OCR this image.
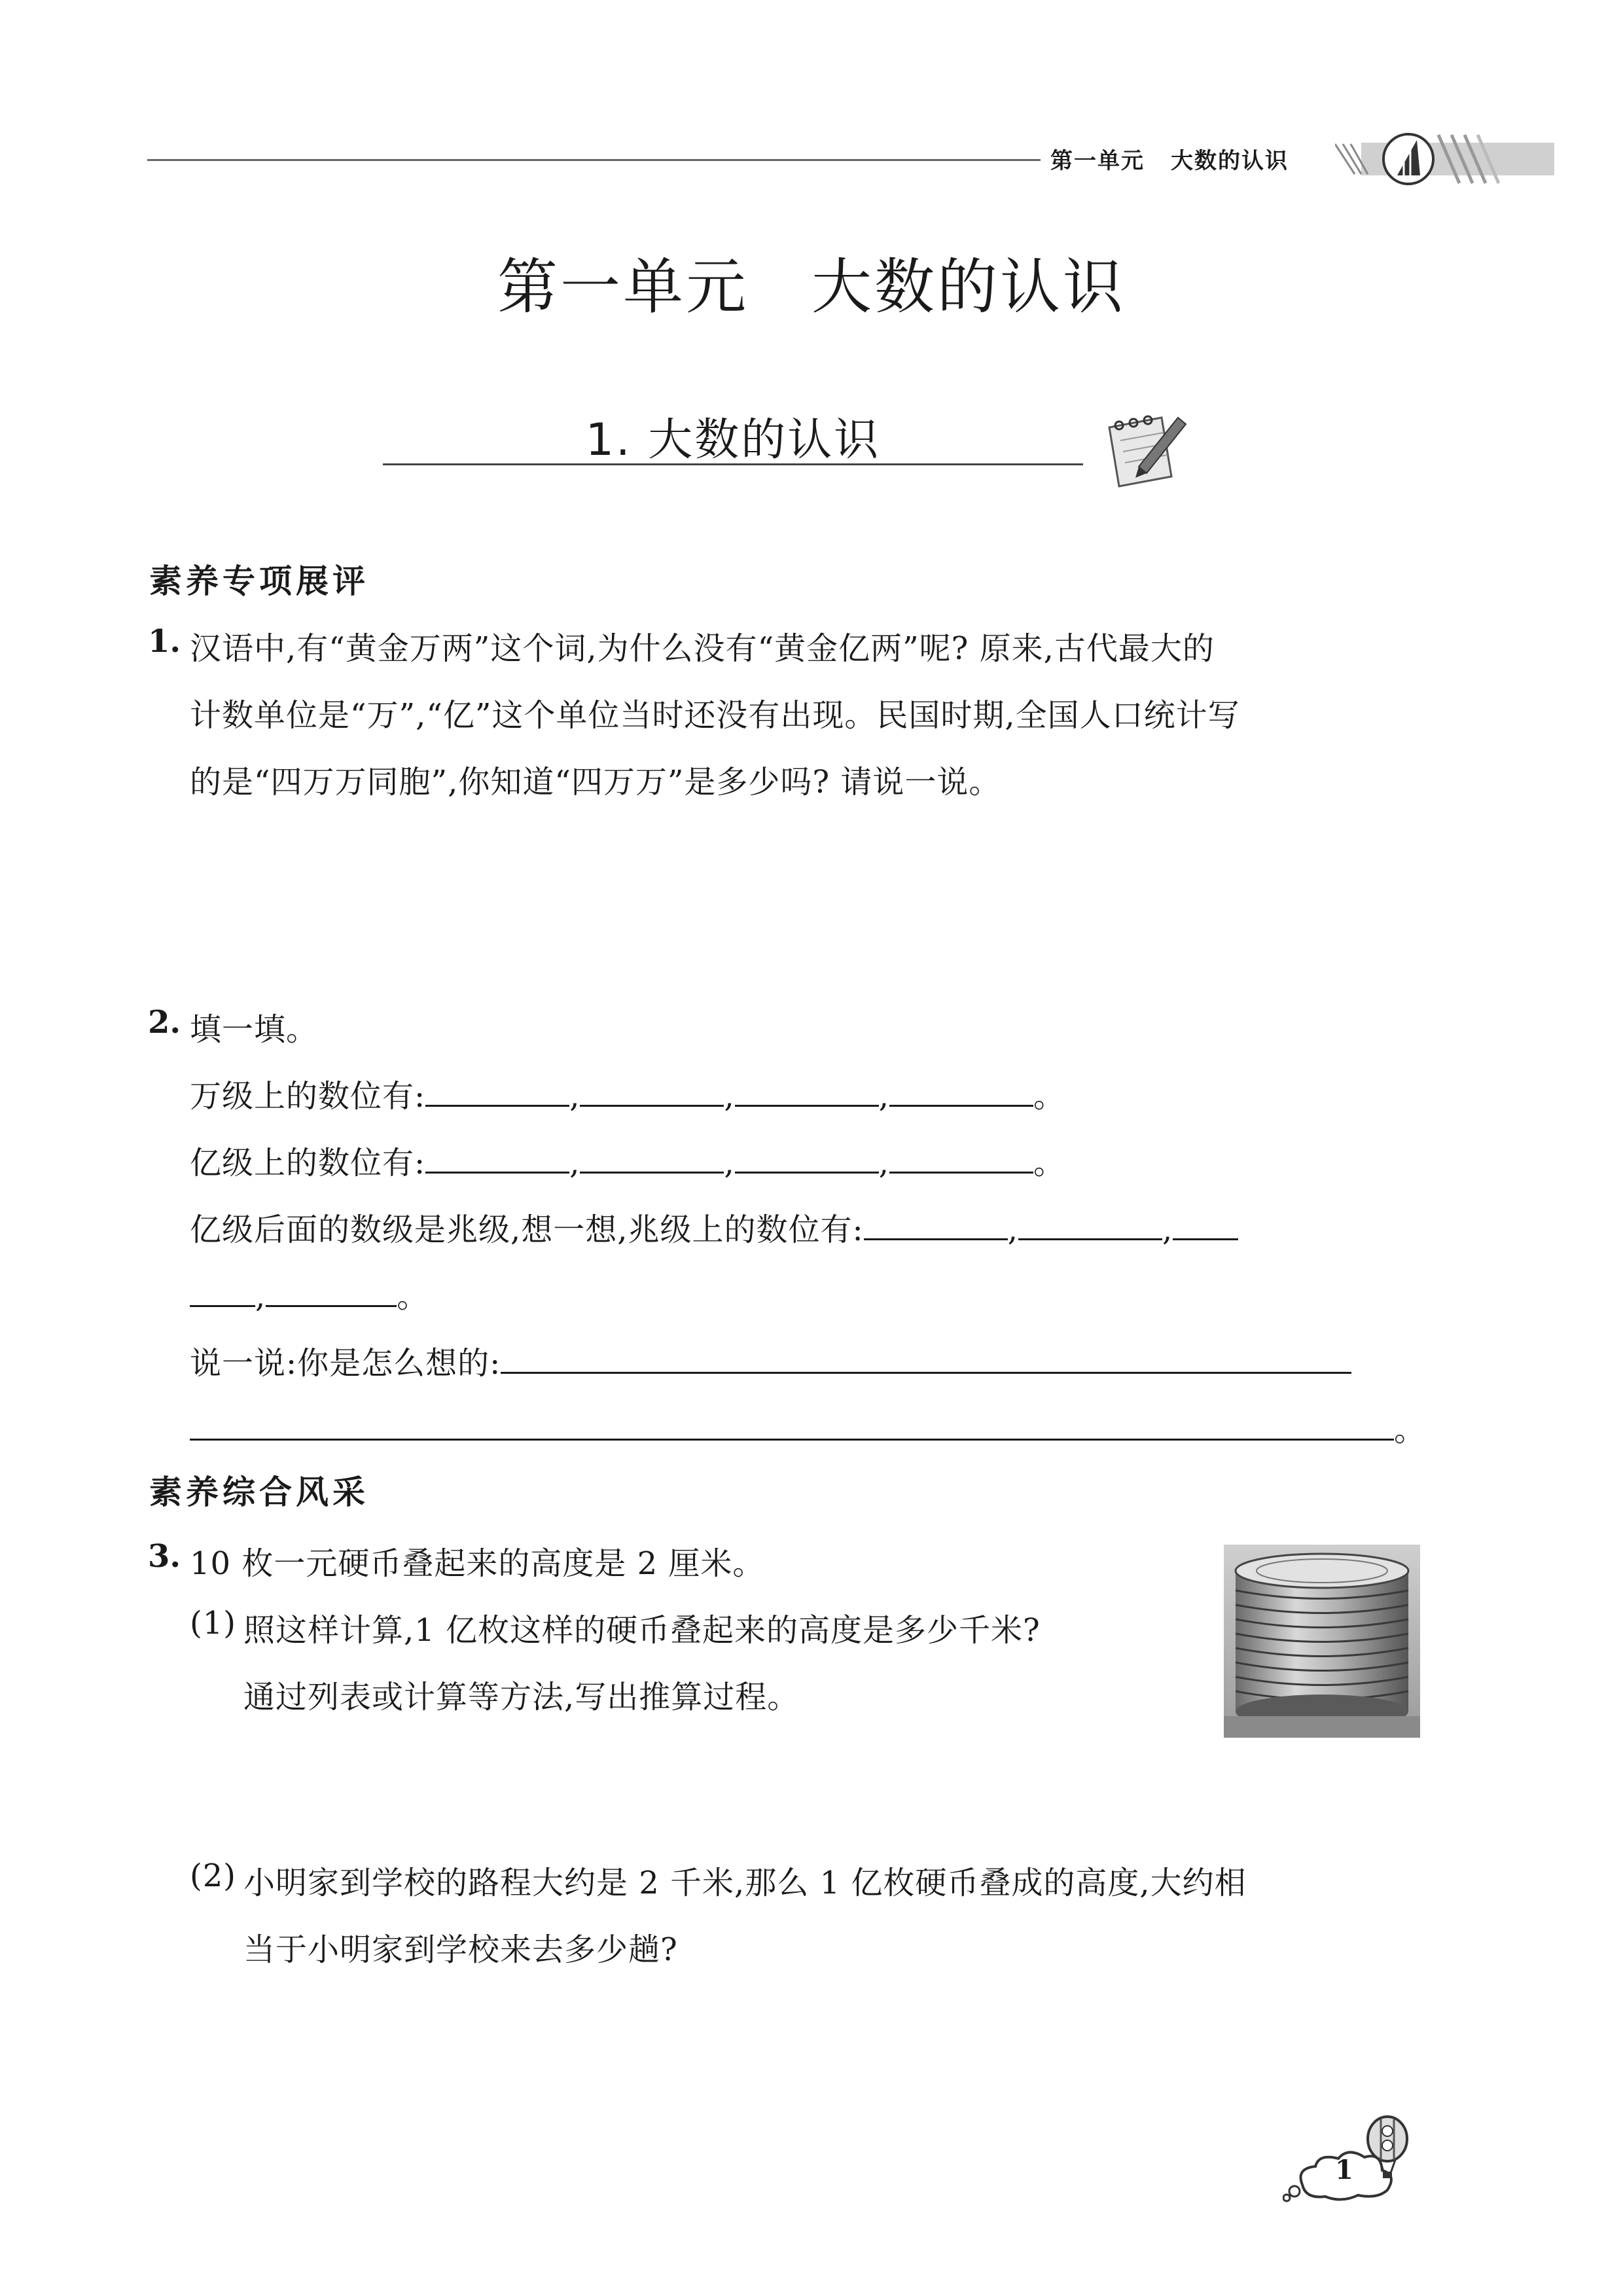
第一单元 大数的认识
第一单元 大数的认识
1. 大数的认识
素养专项展评
1. 汉语中,有“黄金万两”这个词,为什么没有“黄金亿两”呢? 原来,古代最大的
计数单位是“万”,“亿”这个单位当时还没有出现。民国时期,全国人口统计写
的是“四万万同胞”,你知道“四万万”是多少吗? 请说一说。
2. 填一填。
万级上的数位有:	,	,	,	。
亿级上的数位有:	,	,	,	。
亿级后面的数级是兆级,想一想,兆级上的数位有:	,	,
,	。
说一说:你是怎么想的:
。
素养综合风采
3. 10 枚一元硬币叠起来的高度是 2 厘米。
(1) 照这样计算,1 亿枚这样的硬币叠起来的高度是多少千米?
通过列表或计算等方法,写出推算过程。
(2) 小明家到学校的路程大约是 2 千米,那么 1 亿枚硬币叠成的高度,大约相
当于小明家到学校来去多少趟?
1
